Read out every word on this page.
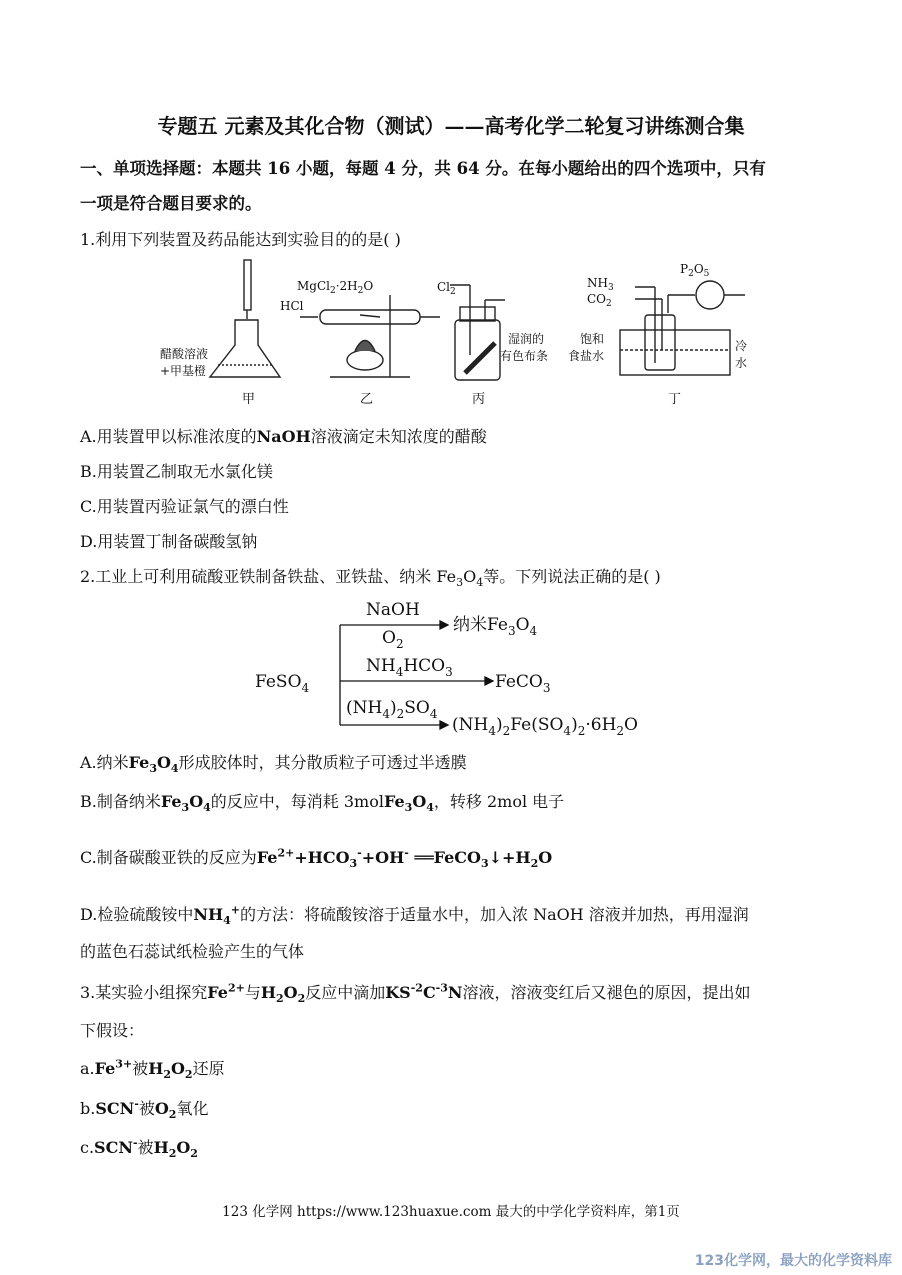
专题五 元素及其化合物（测试）——高考化学二轮复习讲练测合集
一、单项选择题：本题共 16 小题，每题 4 分，共 64 分。在每小题给出的四个选项中，只有
一项是符合题目要求的。
1.利用下列装置及药品能达到实验目的的是( )
醋酸溶液
+甲基橙
$MgCl_2\cdot 2H_2O$
HCl
$Cl_2$
湿润的
有色布条
$P_2O_5$
$NH_3$
$CO_2$
饱和
食盐水
冷
水
甲	乙	丙	丁
A.用装置甲以标准浓度的NaOH溶液滴定未知浓度的醋酸
B.用装置乙制取无水氯化镁
C.用装置丙验证氯气的漂白性
D.用装置丁制备碳酸氢钠
2.工业上可利用硫酸亚铁制备铁盐、亚铁盐、纳米 $Fe_3O_4$等。下列说法正确的是( )
FeSO$_4$
NaOH
$O_2$
纳米$Fe_3O_4$
$NH_4HCO_3$ FeCO$_3$
$(NH_4)_2SO_4$
$(NH_4)_2Fe(SO_4)_2\cdot 6H_2O$
A.纳米$Fe_3O_4$形成胶体时，其分散质粒子可透过半透膜
B.制备纳米$Fe_3O_4$的反应中，每消耗 $3molFe_3O_4$，转移 2mol 电子
C.制备碳酸亚铁的反应为$Fe^{2+}+HCO_3^-+OH^-$ $══FeCO_3↓+H_2O$
D.检验硫酸铵中$NH_4^+$的方法：将硫酸铵溶于适量水中，加入浓 NaOH 溶液并加热，再用湿润
的蓝色石蕊试纸检验产生的气体
3.某实验小组探究$Fe^{2+}$与$H_2O_2$反应中滴加$KS^{-2}C^{-3}N$溶液，溶液变红后又褪色的原因，提出如
下假设：
$a.Fe^{3+}$被$H_2O_2$还原
b.SCN-被$O_2$氧化
c.SCN-被$H_2O_2$
123 化学网 https://www.123huaxue.com 最大的中学化学资料库，第1页
123化学网，最大的化学资料库
